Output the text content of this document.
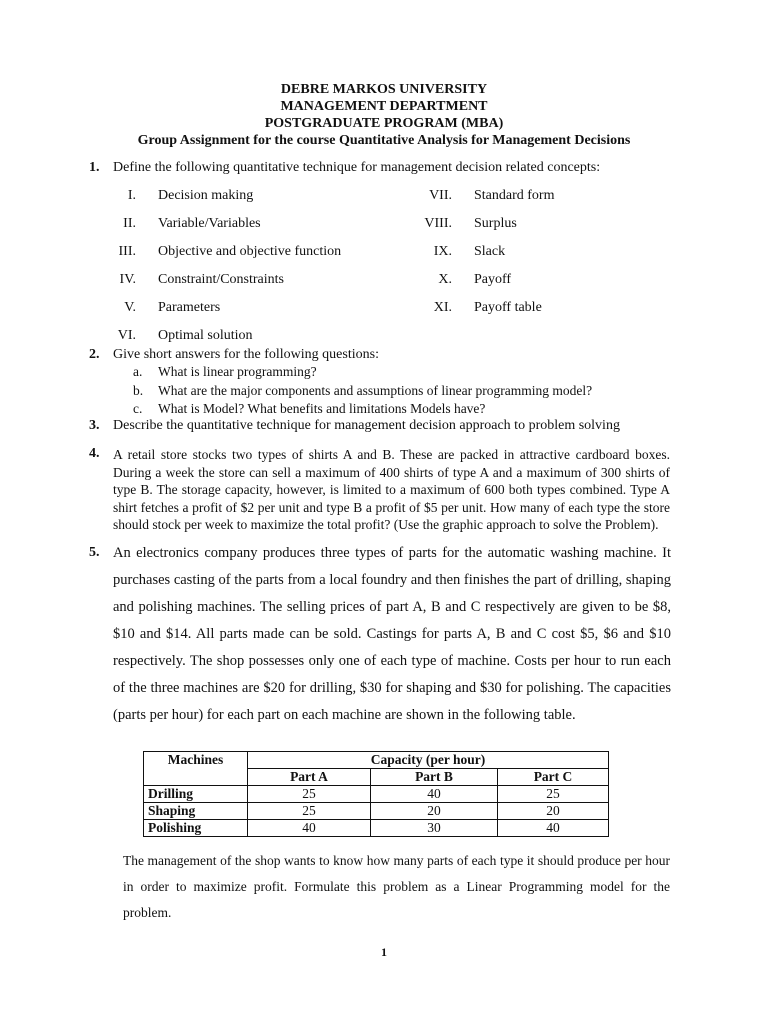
DEBRE MARKOS UNIVERSITY
MANAGEMENT DEPARTMENT
POSTGRADUATE PROGRAM (MBA)
Group Assignment for the course Quantitative Analysis for Management Decisions
1. Define the following quantitative technique for management decision related concepts:
I. Decision making
II. Variable/Variables
III. Objective and objective function
IV. Constraint/Constraints
V. Parameters
VI. Optimal solution
VII. Standard form
VIII. Surplus
IX. Slack
X. Payoff
XI. Payoff table
2. Give short answers for the following questions:
a. What is linear programming?
b. What are the major components and assumptions of linear programming model?
c. What is Model? What benefits and limitations Models have?
3. Describe the quantitative technique for management decision approach to problem solving
4. A retail store stocks two types of shirts A and B. These are packed in attractive cardboard boxes. During a week the store can sell a maximum of 400 shirts of type A and a maximum of 300 shirts of type B. The storage capacity, however, is limited to a maximum of 600 both types combined. Type A shirt fetches a profit of $2 per unit and type B a profit of $5 per unit. How many of each type the store should stock per week to maximize the total profit? (Use the graphic approach to solve the Problem).
5. An electronics company produces three types of parts for the automatic washing machine. It purchases casting of the parts from a local foundry and then finishes the part of drilling, shaping and polishing machines. The selling prices of part A, B and C respectively are given to be $8, $10 and $14. All parts made can be sold. Castings for parts A, B and C cost $5, $6 and $10 respectively. The shop possesses only one of each type of machine. Costs per hour to run each of the three machines are $20 for drilling, $30 for shaping and $30 for polishing. The capacities (parts per hour) for each part on each machine are shown in the following table.
Machines	Capacity (per hour)		
	Part A	Part B	Part C
Drilling	25	40	25
Shaping	25	20	20
Polishing	40	30	40
The management of the shop wants to know how many parts of each type it should produce per hour in order to maximize profit. Formulate this problem as a Linear Programming model for the problem.
1
